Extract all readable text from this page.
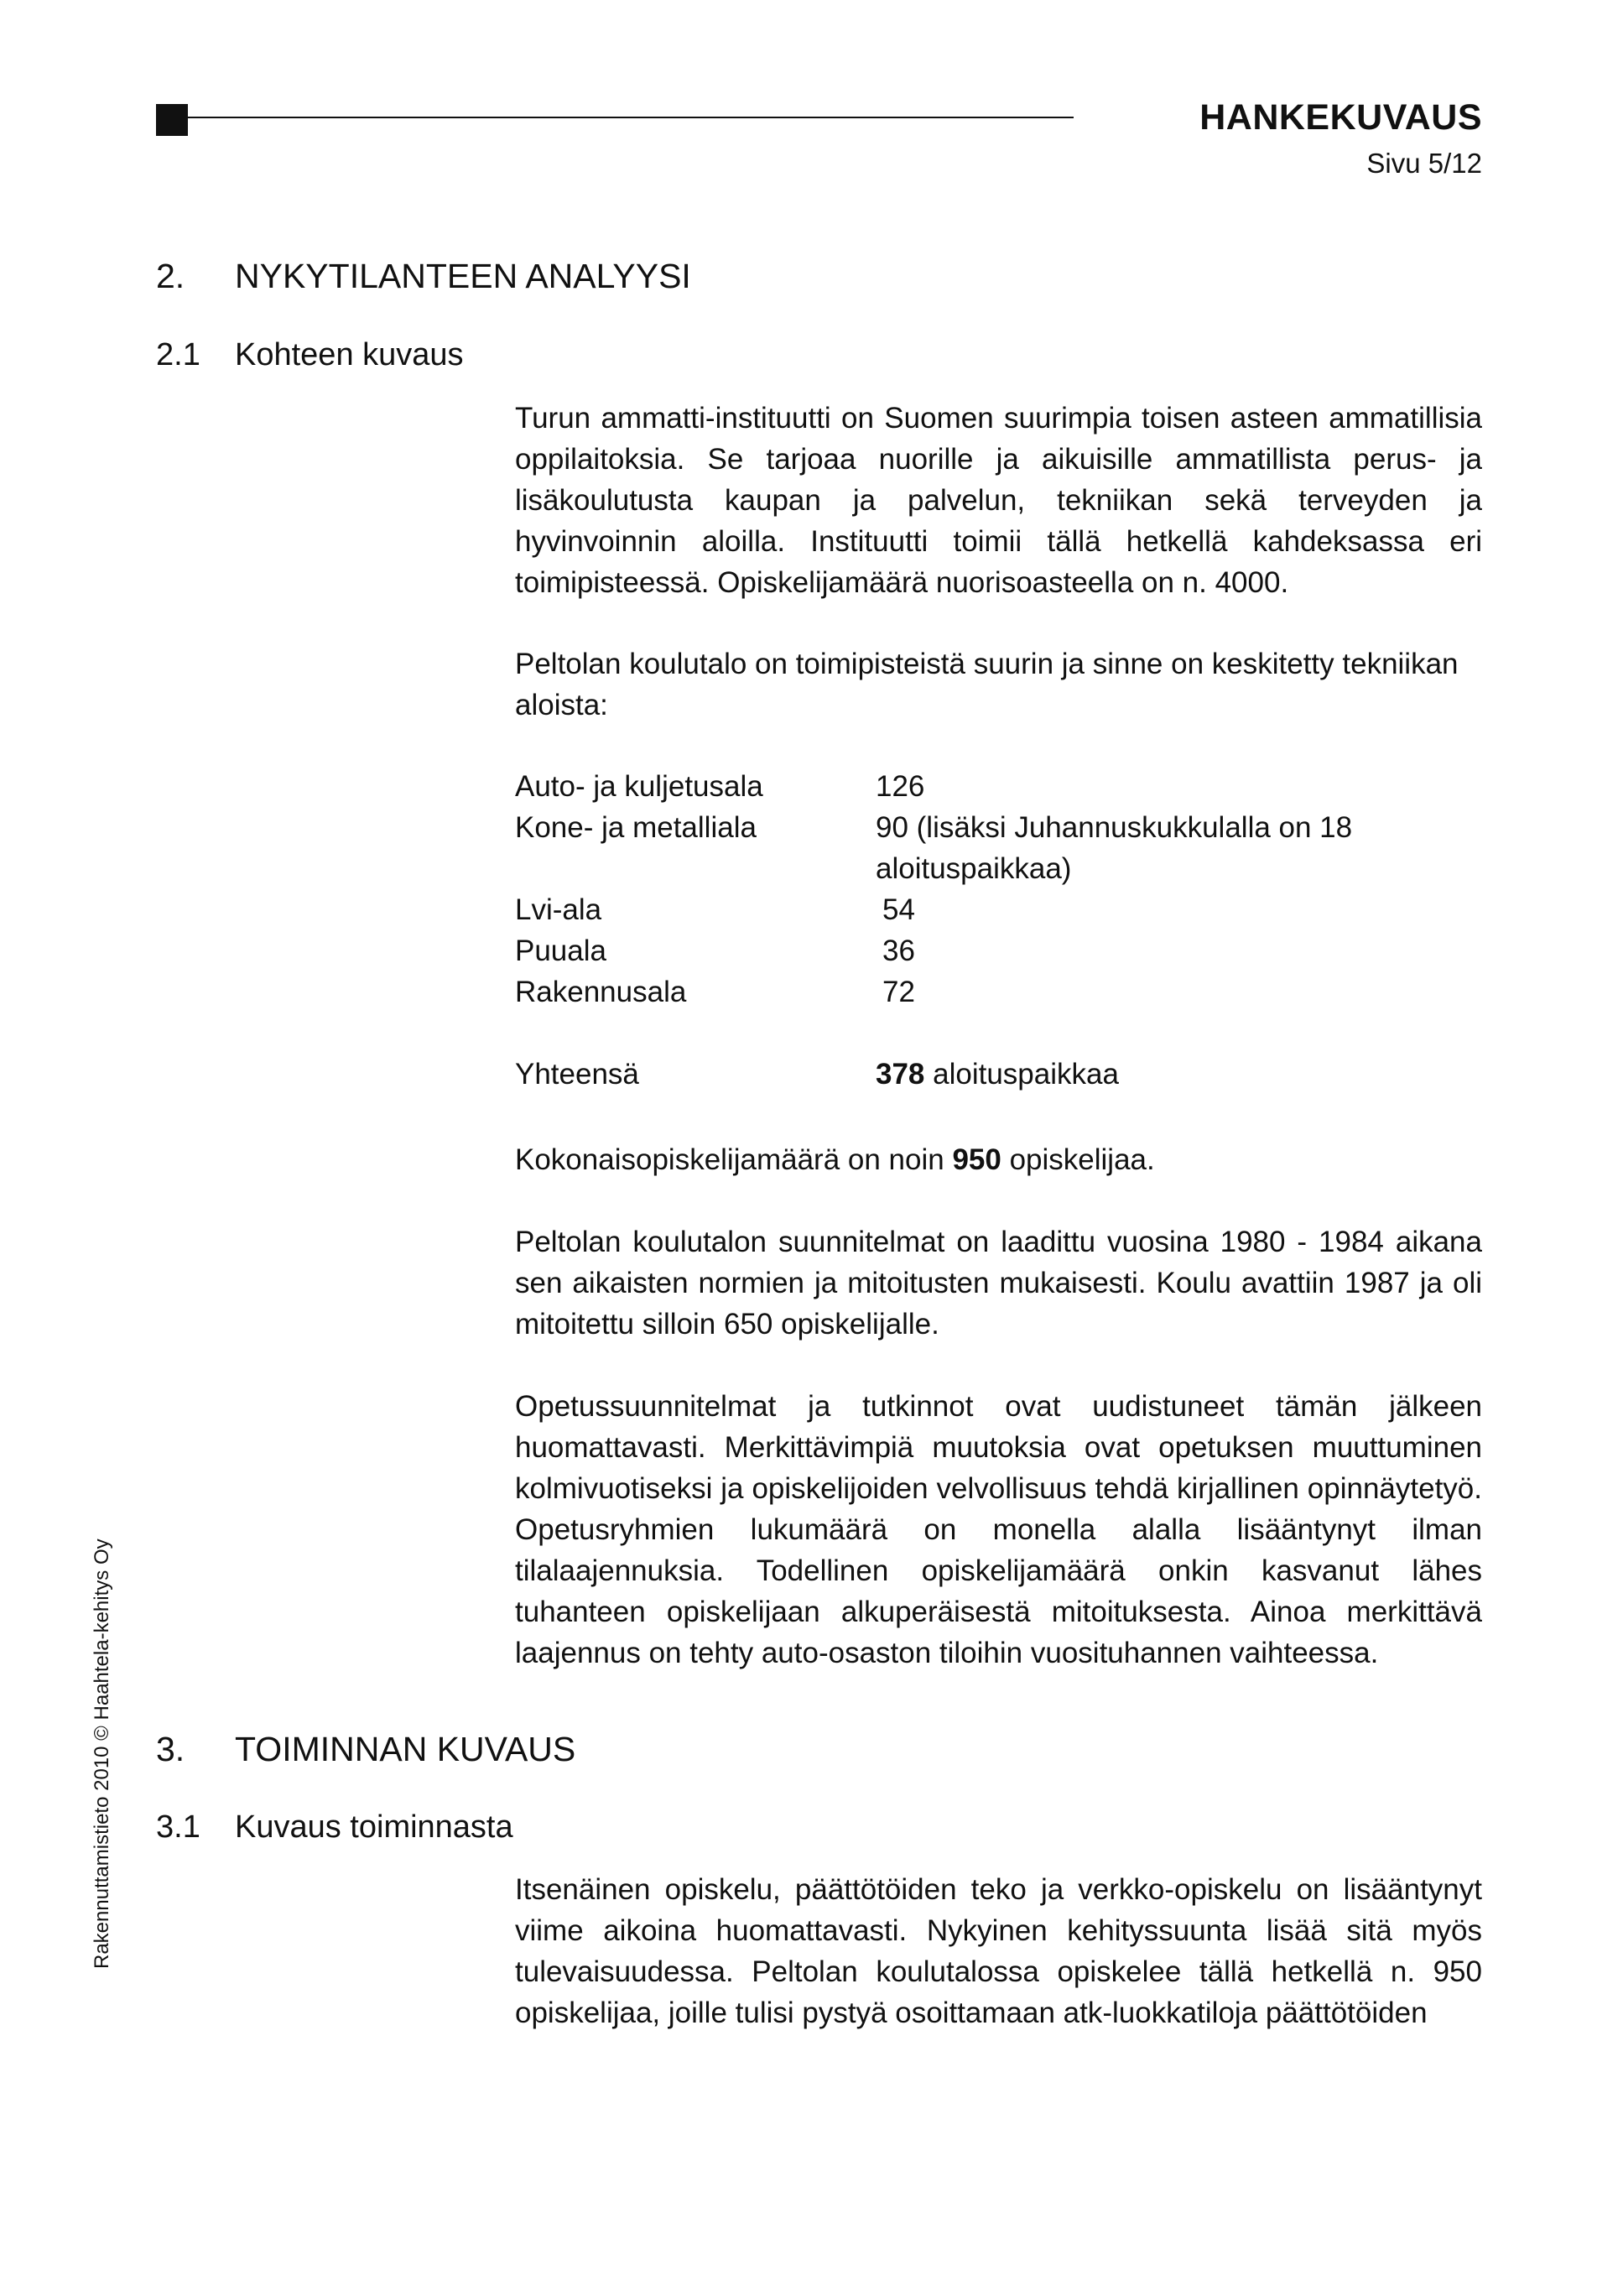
HANKEKUVAUS
Sivu 5/12
2. NYKYTILANTEEN ANALYYSI
2.1 Kohteen kuvaus

Turun ammatti-instituutti on Suomen suurimpia toisen asteen ammatillisia oppilaitoksia. Se tarjoaa nuorille ja aikuisille ammatillista perus- ja lisäkoulutusta kaupan ja palvelun, tekniikan sekä terveyden ja hyvinvoinnin aloilla. Instituutti toimii tällä hetkellä kahdeksassa eri toimipisteessä. Opiskelijamäärä nuorisoasteella on n. 4000.

Peltolan koulutalo on toimipisteistä suurin ja sinne on keskitetty tekniikan aloista:

Auto- ja kuljetusala	126
Kone- ja metalliala	90 (lisäksi Juhannuskukkulalla on 18 aloituspaikkaa)
Lvi-ala	54
Puuala	36
Rakennusala	72
Yhteensä	378 aloituspaikkaa

Kokonaisopiskelijamäärä on noin 950 opiskelijaa.

Peltolan koulutalon suunnitelmat on laadittu vuosina 1980 - 1984 aikana sen aikaisten normien ja mitoitusten mukaisesti. Koulu avattiin 1987 ja oli mitoitettu silloin 650 opiskelijalle.

Opetussuunnitelmat ja tutkinnot ovat uudistuneet tämän jälkeen huomattavasti. Merkittävimpiä muutoksia ovat opetuksen muuttuminen kolmivuotiseksi ja opiskelijoiden velvollisuus tehdä kirjallinen opinnäytetyö. Opetusryhmien lukumäärä on monella alalla lisääntynyt ilman tilalaajennuksia. Todellinen opiskelijamäärä onkin kasvanut lähes tuhanteen opiskelijaan alkuperäisestä mitoituksesta. Ainoa merkittävä laajennus on tehty auto-osaston tiloihin vuosituhannen vaihteessa.

3. TOIMINNAN KUVAUS
3.1 Kuvaus toiminnasta

Itsenäinen opiskelu, päättötöiden teko ja verkko-opiskelu on lisääntynyt viime aikoina huomattavasti. Nykyinen kehityssuunta lisää sitä myös tulevaisuudessa. Peltolan koulutalossa opiskelee tällä hetkellä n. 950 opiskelijaa, joille tulisi pystyä osoittamaan atk-luokkatiloja päättötöiden

Rakennuttamistieto 2010 © Haahtela-kehitys Oy
